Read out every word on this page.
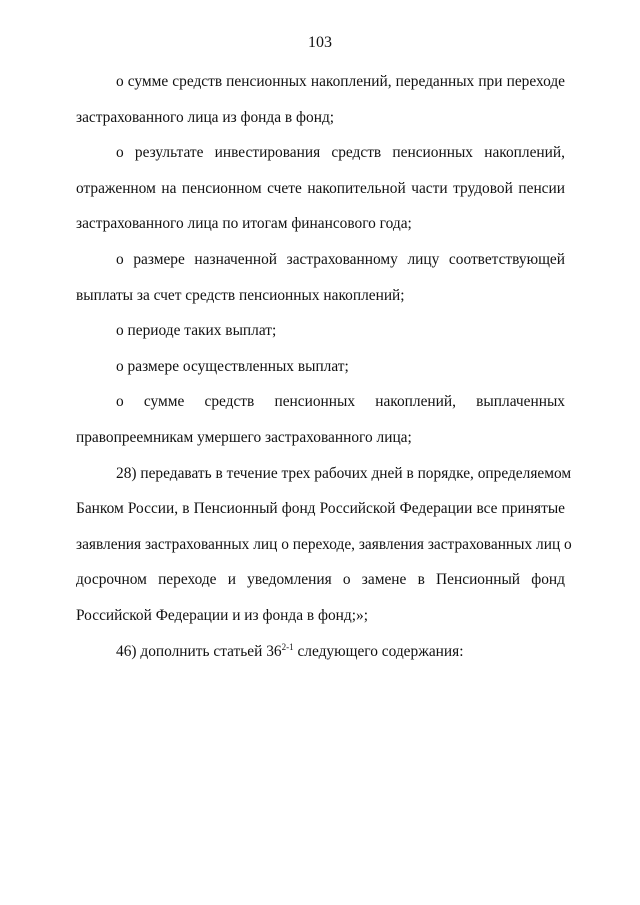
103
о сумме средств пенсионных накоплений, переданных при переходе
застрахованного лица из фонда в фонд;
о результате инвестирования средств пенсионных накоплений,
отраженном на пенсионном счете накопительной части трудовой пенсии
застрахованного лица по итогам финансового года;
о размере назначенной застрахованному лицу соответствующей
выплаты за счет средств пенсионных накоплений;
о периоде таких выплат;
о размере осуществленных выплат;
о сумме средств пенсионных накоплений, выплаченных
правопреемникам умершего застрахованного лица;
28) передавать в течение трех рабочих дней в порядке, определяемом
Банком России, в Пенсионный фонд Российской Федерации все принятые
заявления застрахованных лиц о переходе, заявления застрахованных лиц о
досрочном переходе и уведомления о замене в Пенсионный фонд
Российской Федерации и из фонда в фонд;»;
46) дополнить статьей 36$^{2-1}$ следующего содержания:
